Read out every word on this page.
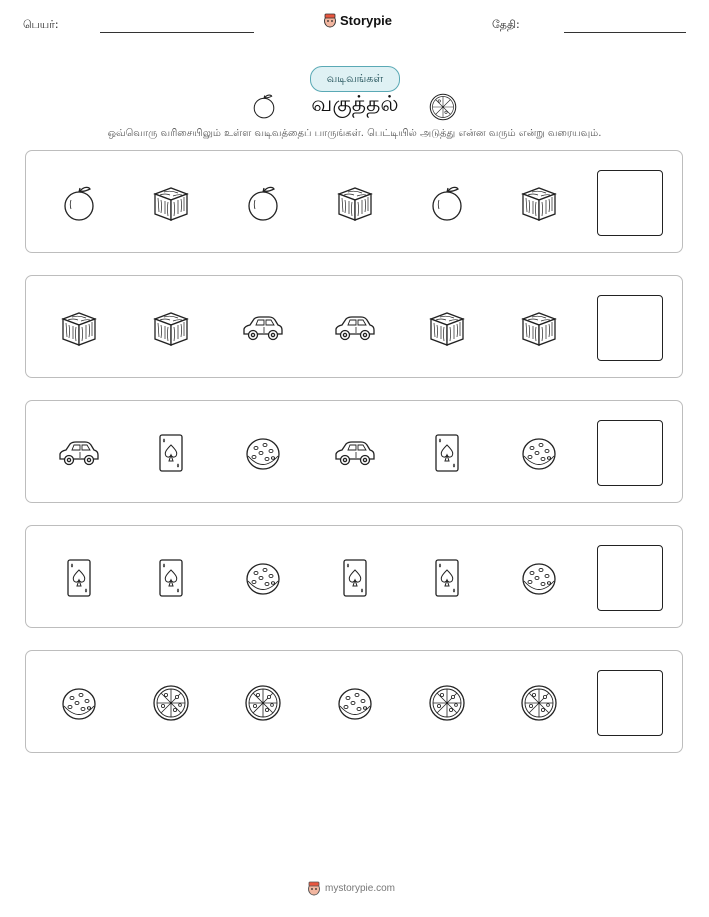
பெயர்:	Storypie	தேதி:
வடிவங்கள்
வகுத்தல்
ஒவ்வொரு வரிசையிலும் உள்ள வடிவத்தைப் பாருங்கள். பெட்டியில் அடுத்து என்ன வரும் என்று வரையவும்.
mystorypie.com
